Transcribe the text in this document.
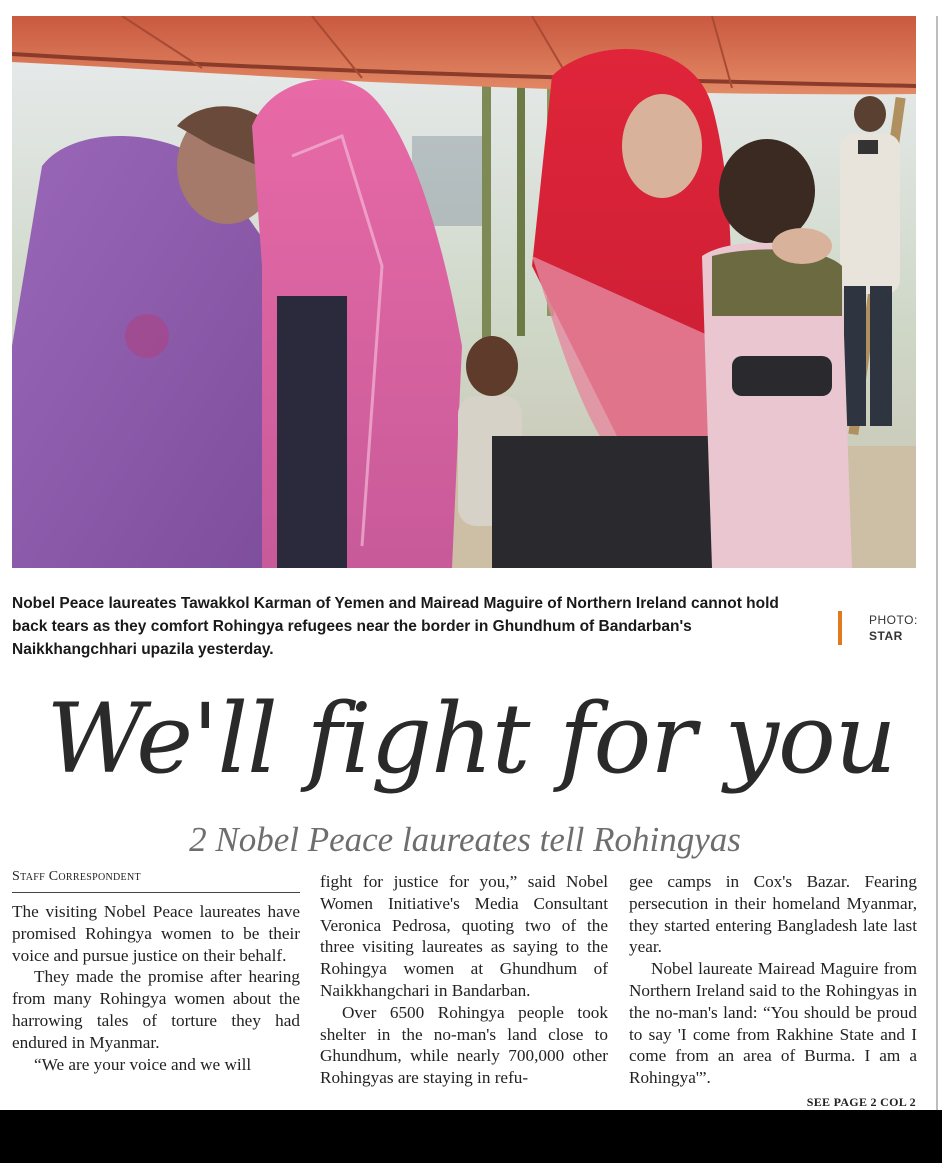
Nobel Peace laureates Tawakkol Karman of Yemen and Mairead Maguire of Northern Ireland cannot hold back tears as they comfort Rohingya refugees near the border in Ghundhum of Bandarban's Naikkhangchhari upazila yesterday.
PHOTO:
STAR
We'll fight for you
2 Nobel Peace laureates tell Rohingyas
Staff Correspondent

The visiting Nobel Peace laureates have promised Rohingya women to be their voice and pursue justice on their behalf.

They made the promise after hearing from many Rohingya women about the harrowing tales of torture they had endured in Myanmar.

“We are your voice and we will

fight for justice for you,” said Nobel Women Initiative's Media Consultant Veronica Pedrosa, quoting two of the three visiting laureates as saying to the Rohingya women at Ghundhum of Naikkhangchari in Bandarban.

Over 6500 Rohingya people took shelter in the no-man's land close to Ghundhum, while nearly 700,000 other Rohingyas are staying in refu-

gee camps in Cox's Bazar. Fearing persecution in their homeland Myanmar, they started entering Bangladesh late last year.

Nobel laureate Mairead Maguire from Northern Ireland said to the Rohingyas in the no-man's land: “You should be proud to say 'I come from Rakhine State and I come from an area of Burma. I am a Rohingya'”.

SEE PAGE 2 COL 2
